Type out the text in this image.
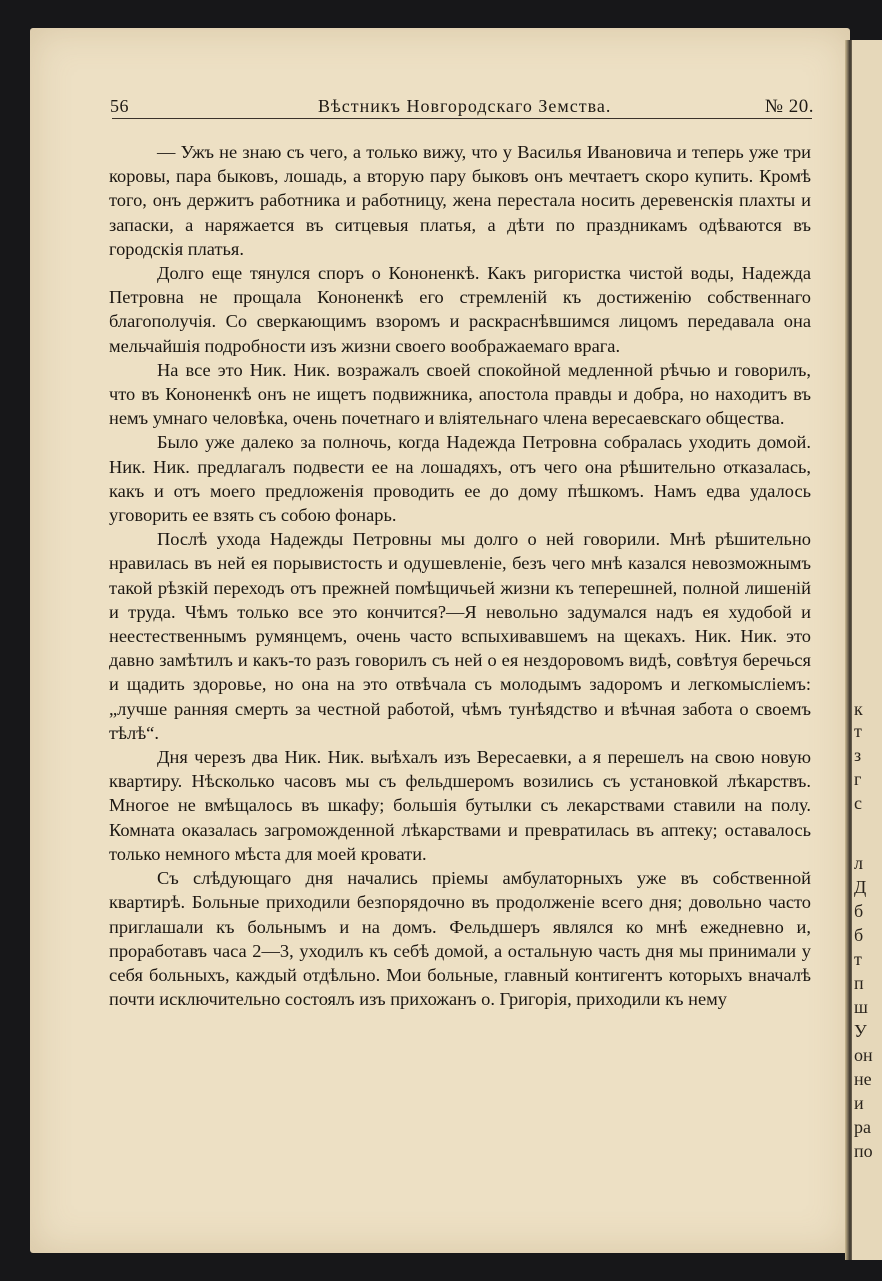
к
т
з
г
с
л
Д
б
б
т
п
ш
У
он
не
и
ра
по
56	Вѣстникъ Новгородскаго Земства.	№ 20.

— Ужъ не знаю съ чего, а только вижу, что у Василья Ивановича и теперь уже три коровы, пара быковъ, лошадь, а вторую пару быковъ онъ мечтаетъ скоро купить. Кромѣ того, онъ держитъ работника и работницу, жена перестала носить деревенскія плахты и запаски, а наряжается въ ситцевыя платья, а дѣти по праздникамъ одѣваются въ городскія платья.

Долго еще тянулся споръ о Кононенкѣ. Какъ ригористка чистой воды, Надежда Петровна не прощала Кононенкѣ его стремленій къ достиженію собственнаго благополучія. Со сверкающимъ взоромъ и раскраснѣвшимся лицомъ передавала она мельчайшія подробности изъ жизни своего воображаемаго врага.

На все это Ник. Ник. возражалъ своей спокойной медленной рѣчью и говорилъ, что въ Кононенкѣ онъ не ищетъ подвижника, апостола правды и добра, но находитъ въ немъ умнаго человѣка, очень почетнаго и вліятельнаго члена вересаевскаго общества.

Было уже далеко за полночь, когда Надежда Петровна собралась уходить домой. Ник. Ник. предлагалъ подвести ее на лошадяхъ, отъ чего она рѣшительно отказалась, какъ и отъ моего предложенія проводить ее до дому пѣшкомъ. Намъ едва удалось уговорить ее взять съ собою фонарь.

Послѣ ухода Надежды Петровны мы долго о ней говорили. Мнѣ рѣшительно нравилась въ ней ея порывистость и одушевленіе, безъ чего мнѣ казался невозможнымъ такой рѣзкій переходъ отъ прежней помѣщичьей жизни къ теперешней, полной лишеній и труда. Чѣмъ только все это кончится?—Я невольно задумался надъ ея худобой и неестественнымъ румянцемъ, очень часто вспыхивавшемъ на щекахъ. Ник. Ник. это давно замѣтилъ и какъ-то разъ говорилъ съ ней о ея нездоровомъ видѣ, совѣтуя беречься и щадить здоровье, но она на это отвѣчала съ молодымъ задоромъ и легкомысліемъ: „лучше ранняя смерть за честной работой, чѣмъ тунѣядство и вѣчная забота о своемъ тѣлѣ“.

Дня черезъ два Ник. Ник. выѣхалъ изъ Вересаевки, а я перешелъ на свою новую квартиру. Нѣсколько часовъ мы съ фельдшеромъ возились съ установкой лѣкарствъ. Многое не вмѣщалось въ шкафу; большія бутылки съ лекарствами ставили на полу. Комната оказалась загроможденной лѣкарствами и превратилась въ аптеку; оставалось только немного мѣста для моей кровати.

Съ слѣдующаго дня начались пріемы амбулаторныхъ уже въ собственной квартирѣ. Больные приходили безпорядочно въ продолженіе всего дня; довольно часто приглашали къ больнымъ и на домъ. Фельдшеръ являлся ко мнѣ ежедневно и, проработавъ часа 2—3, уходилъ къ себѣ домой, а остальную часть дня мы принимали у себя больныхъ, каждый отдѣльно. Мои больные, главный контигентъ которыхъ вначалѣ почти исключительно состоялъ изъ прихожанъ о. Григорія, приходили къ нему
